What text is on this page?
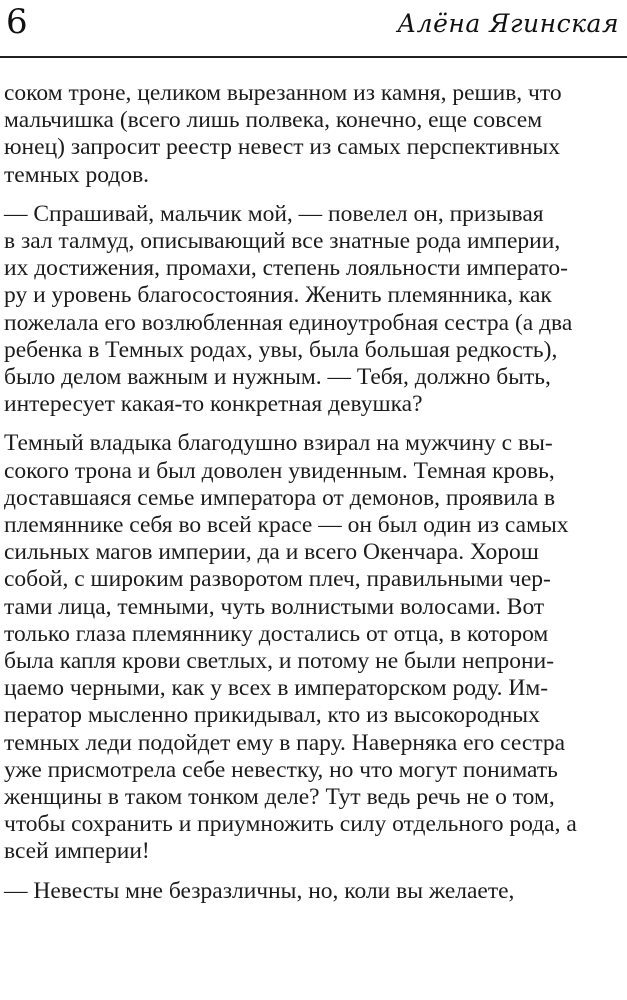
6	Алёна Ягинская

соком троне, целиком вырезанном из камня, решив, что
мальчишка (всего лишь полвека, конечно, еще совсем
юнец) запросит реестр невест из самых перспективных
темных родов.

— Спрашивай, мальчик мой, — повелел он, призывая
в зал талмуд, описывающий все знатные рода империи,
их достижения, промахи, степень лояльности императо-
ру и уровень благосостояния. Женить племянника, как
пожелала его возлюбленная единоутробная сестра (а два
ребенка в Темных родах, увы, была большая редкость),
было делом важным и нужным. — Тебя, должно быть,
интересует какая-то конкретная девушка?

Темный владыка благодушно взирал на мужчину с вы-
сокого трона и был доволен увиденным. Темная кровь,
доставшаяся семье императора от демонов, проявила в
племяннике себя во всей красе — он был один из самых
сильных магов империи, да и всего Окенчара. Хорош
собой, с широким разворотом плеч, правильными чер-
тами лица, темными, чуть волнистыми волосами. Вот
только глаза племяннику достались от отца, в котором
была капля крови светлых, и потому не были непрони-
цаемо черными, как у всех в императорском роду. Им-
ператор мысленно прикидывал, кто из высокородных
темных леди подойдет ему в пару. Наверняка его сестра
уже присмотрела себе невестку, но что могут понимать
женщины в таком тонком деле? Тут ведь речь не о том,
чтобы сохранить и приумножить силу отдельного рода, а
всей империи!

— Невесты мне безразличны, но, коли вы желаете,
